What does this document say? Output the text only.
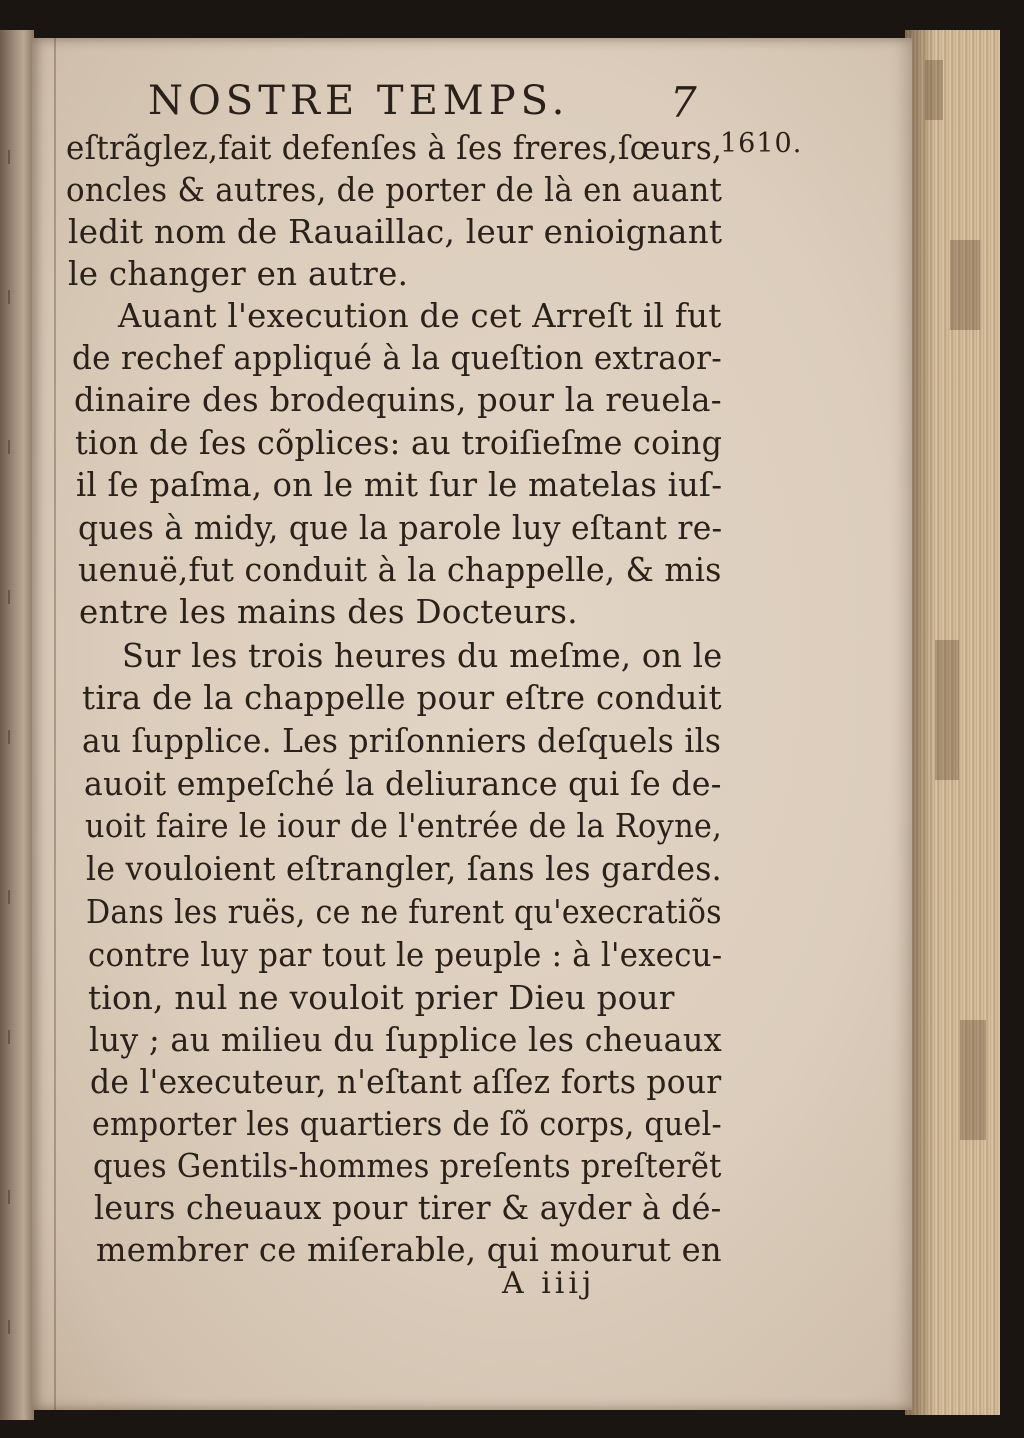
NOSTRE TEMPS. 7
1610.
eſtrãglez,fait defenſes à ſes freres,ſœurs,
oncles & autres, de porter de là en auant
ledit nom de Rauaillac, leur enioignant
le changer en autre.
Auant l'execution de cet Arreſt il fut
de rechef appliqué à la queſtion extraor-
dinaire des brodequins, pour la reuela-
tion de ſes cõplices: au troiſieſme coing
il ſe paſma, on le mit ſur le matelas iuſ-
ques à midy, que la parole luy eſtant re-
uenuë,fut conduit à la chappelle, & mis
entre les mains des Docteurs.
Sur les trois heures du meſme, on le
tira de la chappelle pour eſtre conduit
au ſupplice. Les priſonniers deſquels ils
auoit empeſché la deliurance qui ſe de-
uoit faire le iour de l'entrée de la Royne,
le vouloient eſtrangler, ſans les gardes.
Dans les ruës, ce ne furent qu'execratiõs
contre luy par tout le peuple : à l'execu-
tion, nul ne vouloit prier Dieu pour
luy ; au milieu du ſupplice les cheuaux
de l'executeur, n'eſtant aſſez forts pour
emporter les quartiers de ſõ corps, quel-
ques Gentils-hommes preſents preſterẽt
leurs cheuaux pour tirer & ayder à dé-
membrer ce miſerable, qui mourut en
A iiij
